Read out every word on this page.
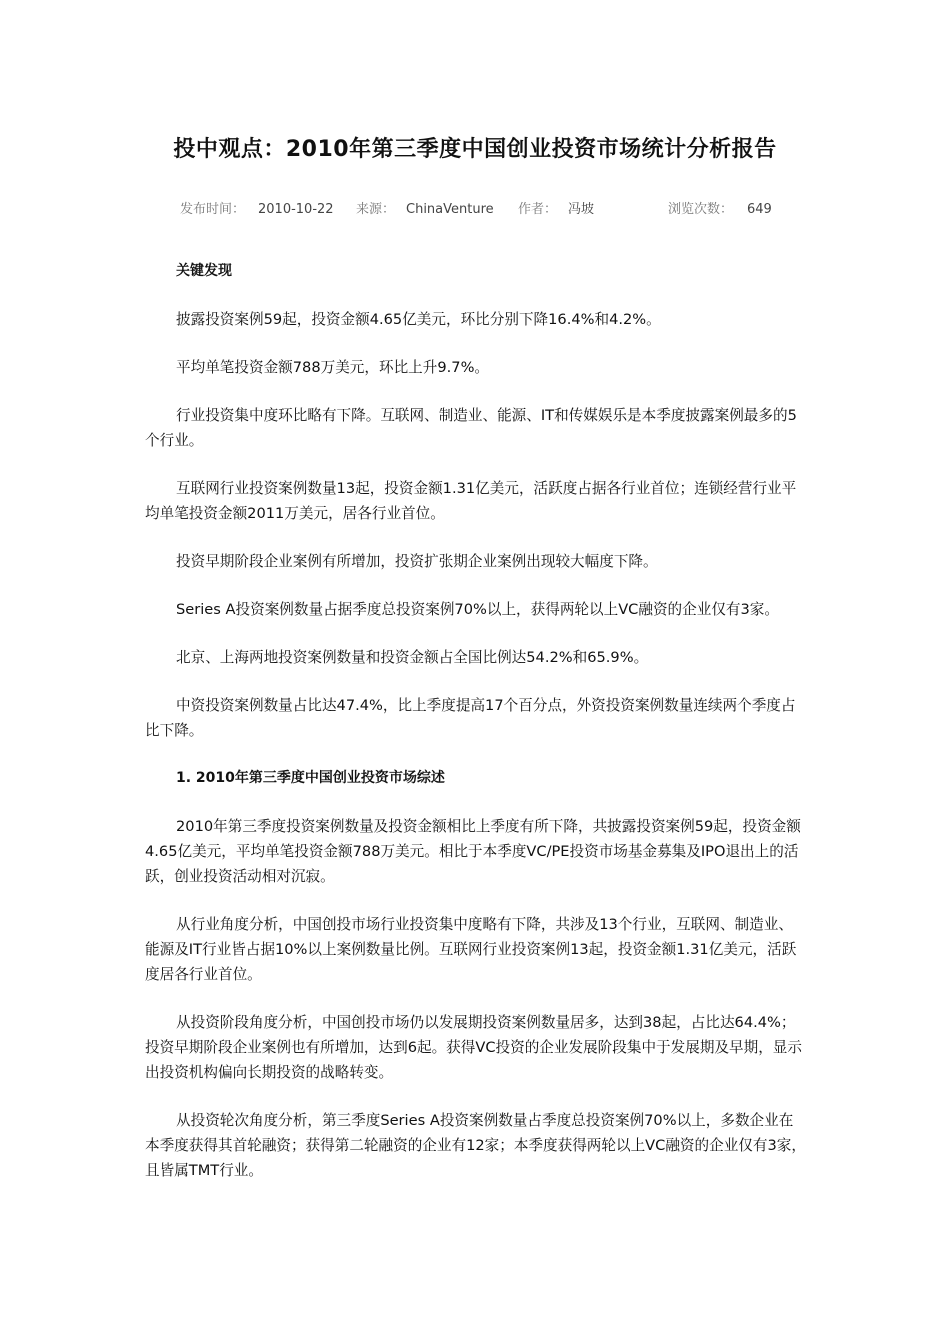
投中观点：2010年第三季度中国创业投资市场统计分析报告
发布时间： 2010-10-22 来源： ChinaVenture 作者： 冯坡	浏览次数： 649
关键发现

披露投资案例59起，投资金额4.65亿美元，环比分别下降16.4%和4.2%。

平均单笔投资金额788万美元，环比上升9.7%。

行业投资集中度环比略有下降。互联网、制造业、能源、IT和传媒娱乐是本季度披露案例最多的5个行业。

互联网行业投资案例数量13起，投资金额1.31亿美元，活跃度占据各行业首位；连锁经营行业平均单笔投资金额2011万美元，居各行业首位。

投资早期阶段企业案例有所增加，投资扩张期企业案例出现较大幅度下降。

Series A投资案例数量占据季度总投资案例70%以上，获得两轮以上VC融资的企业仅有3家。

北京、上海两地投资案例数量和投资金额占全国比例达54.2%和65.9%。

中资投资案例数量占比达47.4%，比上季度提高17个百分点，外资投资案例数量连续两个季度占比下降。

1. 2010年第三季度中国创业投资市场综述

2010年第三季度投资案例数量及投资金额相比上季度有所下降，共披露投资案例59起，投资金额4.65亿美元，平均单笔投资金额788万美元。相比于本季度VC/PE投资市场基金募集及IPO退出上的活跃，创业投资活动相对沉寂。

从行业角度分析，中国创投市场行业投资集中度略有下降，共涉及13个行业，互联网、制造业、能源及IT行业皆占据10%以上案例数量比例。互联网行业投资案例13起，投资金额1.31亿美元，活跃度居各行业首位。

从投资阶段角度分析，中国创投市场仍以发展期投资案例数量居多，达到38起，占比达64.4%；投资早期阶段企业案例也有所增加，达到6起。获得VC投资的企业发展阶段集中于发展期及早期，显示出投资机构偏向长期投资的战略转变。

从投资轮次角度分析，第三季度Series A投资案例数量占季度总投资案例70%以上，多数企业在本季度获得其首轮融资；获得第二轮融资的企业有12家；本季度获得两轮以上VC融资的企业仅有3家，且皆属TMT行业。
